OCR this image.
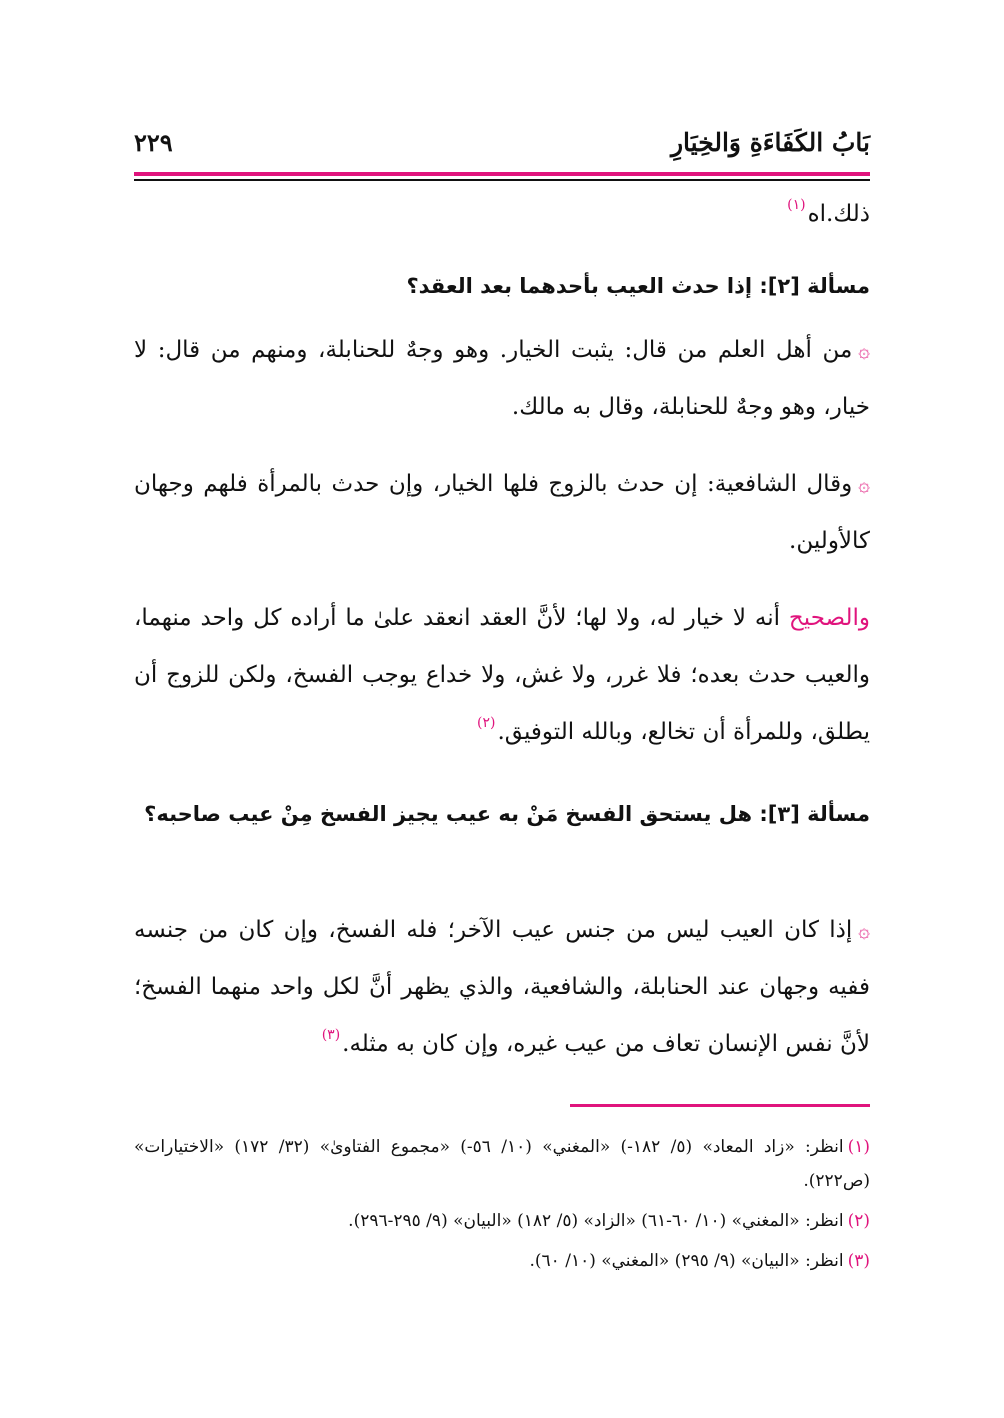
بَابُ الكَفَاءَةِ وَالخِيَارِ
٢٢٩
ذلك.اه$^{(١)}$
مسألة [٢]: إذا حدث العيب بأحدهما بعد العقد؟
۞من أهل العلم من قال: يثبت الخيار. وهو وجهٌ للحنابلة، ومنهم من قال: لا خيار، وهو وجهٌ للحنابلة، وقال به مالك.
۞وقال الشافعية: إن حدث بالزوج فلها الخيار، وإن حدث بالمرأة فلهم وجهان كالأولين.
والصحيح أنه لا خيار له، ولا لها؛ لأنَّ العقد انعقد علىٰ ما أراده كل واحد منهما، والعيب حدث بعده؛ فلا غرر، ولا غش، ولا خداع يوجب الفسخ، ولكن للزوج أن يطلق، وللمرأة أن تخالع، وبالله التوفيق.$^{(٢)}$
مسألة [٣]: هل يستحق الفسخ مَنْ به عيب يجيز الفسخ مِنْ عيب صاحبه؟
۞إذا كان العيب ليس من جنس عيب الآخر؛ فله الفسخ، وإن كان من جنسه ففيه وجهان عند الحنابلة، والشافعية، والذي يظهر أنَّ لكل واحد منهما الفسخ؛ لأنَّ نفس الإنسان تعاف من عيب غيره، وإن كان به مثله.$^{(٣)}$
(١)انظر: «زاد المعاد» (٥/ ١٨٢-) «المغني» (١٠/ ٥٦-) «مجموع الفتاوىٰ» (٣٢/ ١٧٢) «الاختيارات» (ص٢٢٢).
(٢)انظر: «المغني» (١٠/ ٦٠-٦١) «الزاد» (٥/ ١٨٢) «البيان» (٩/ ٢٩٥-٢٩٦).
(٣)انظر: «البيان» (٩/ ٢٩٥) «المغني» (١٠/ ٦٠).
